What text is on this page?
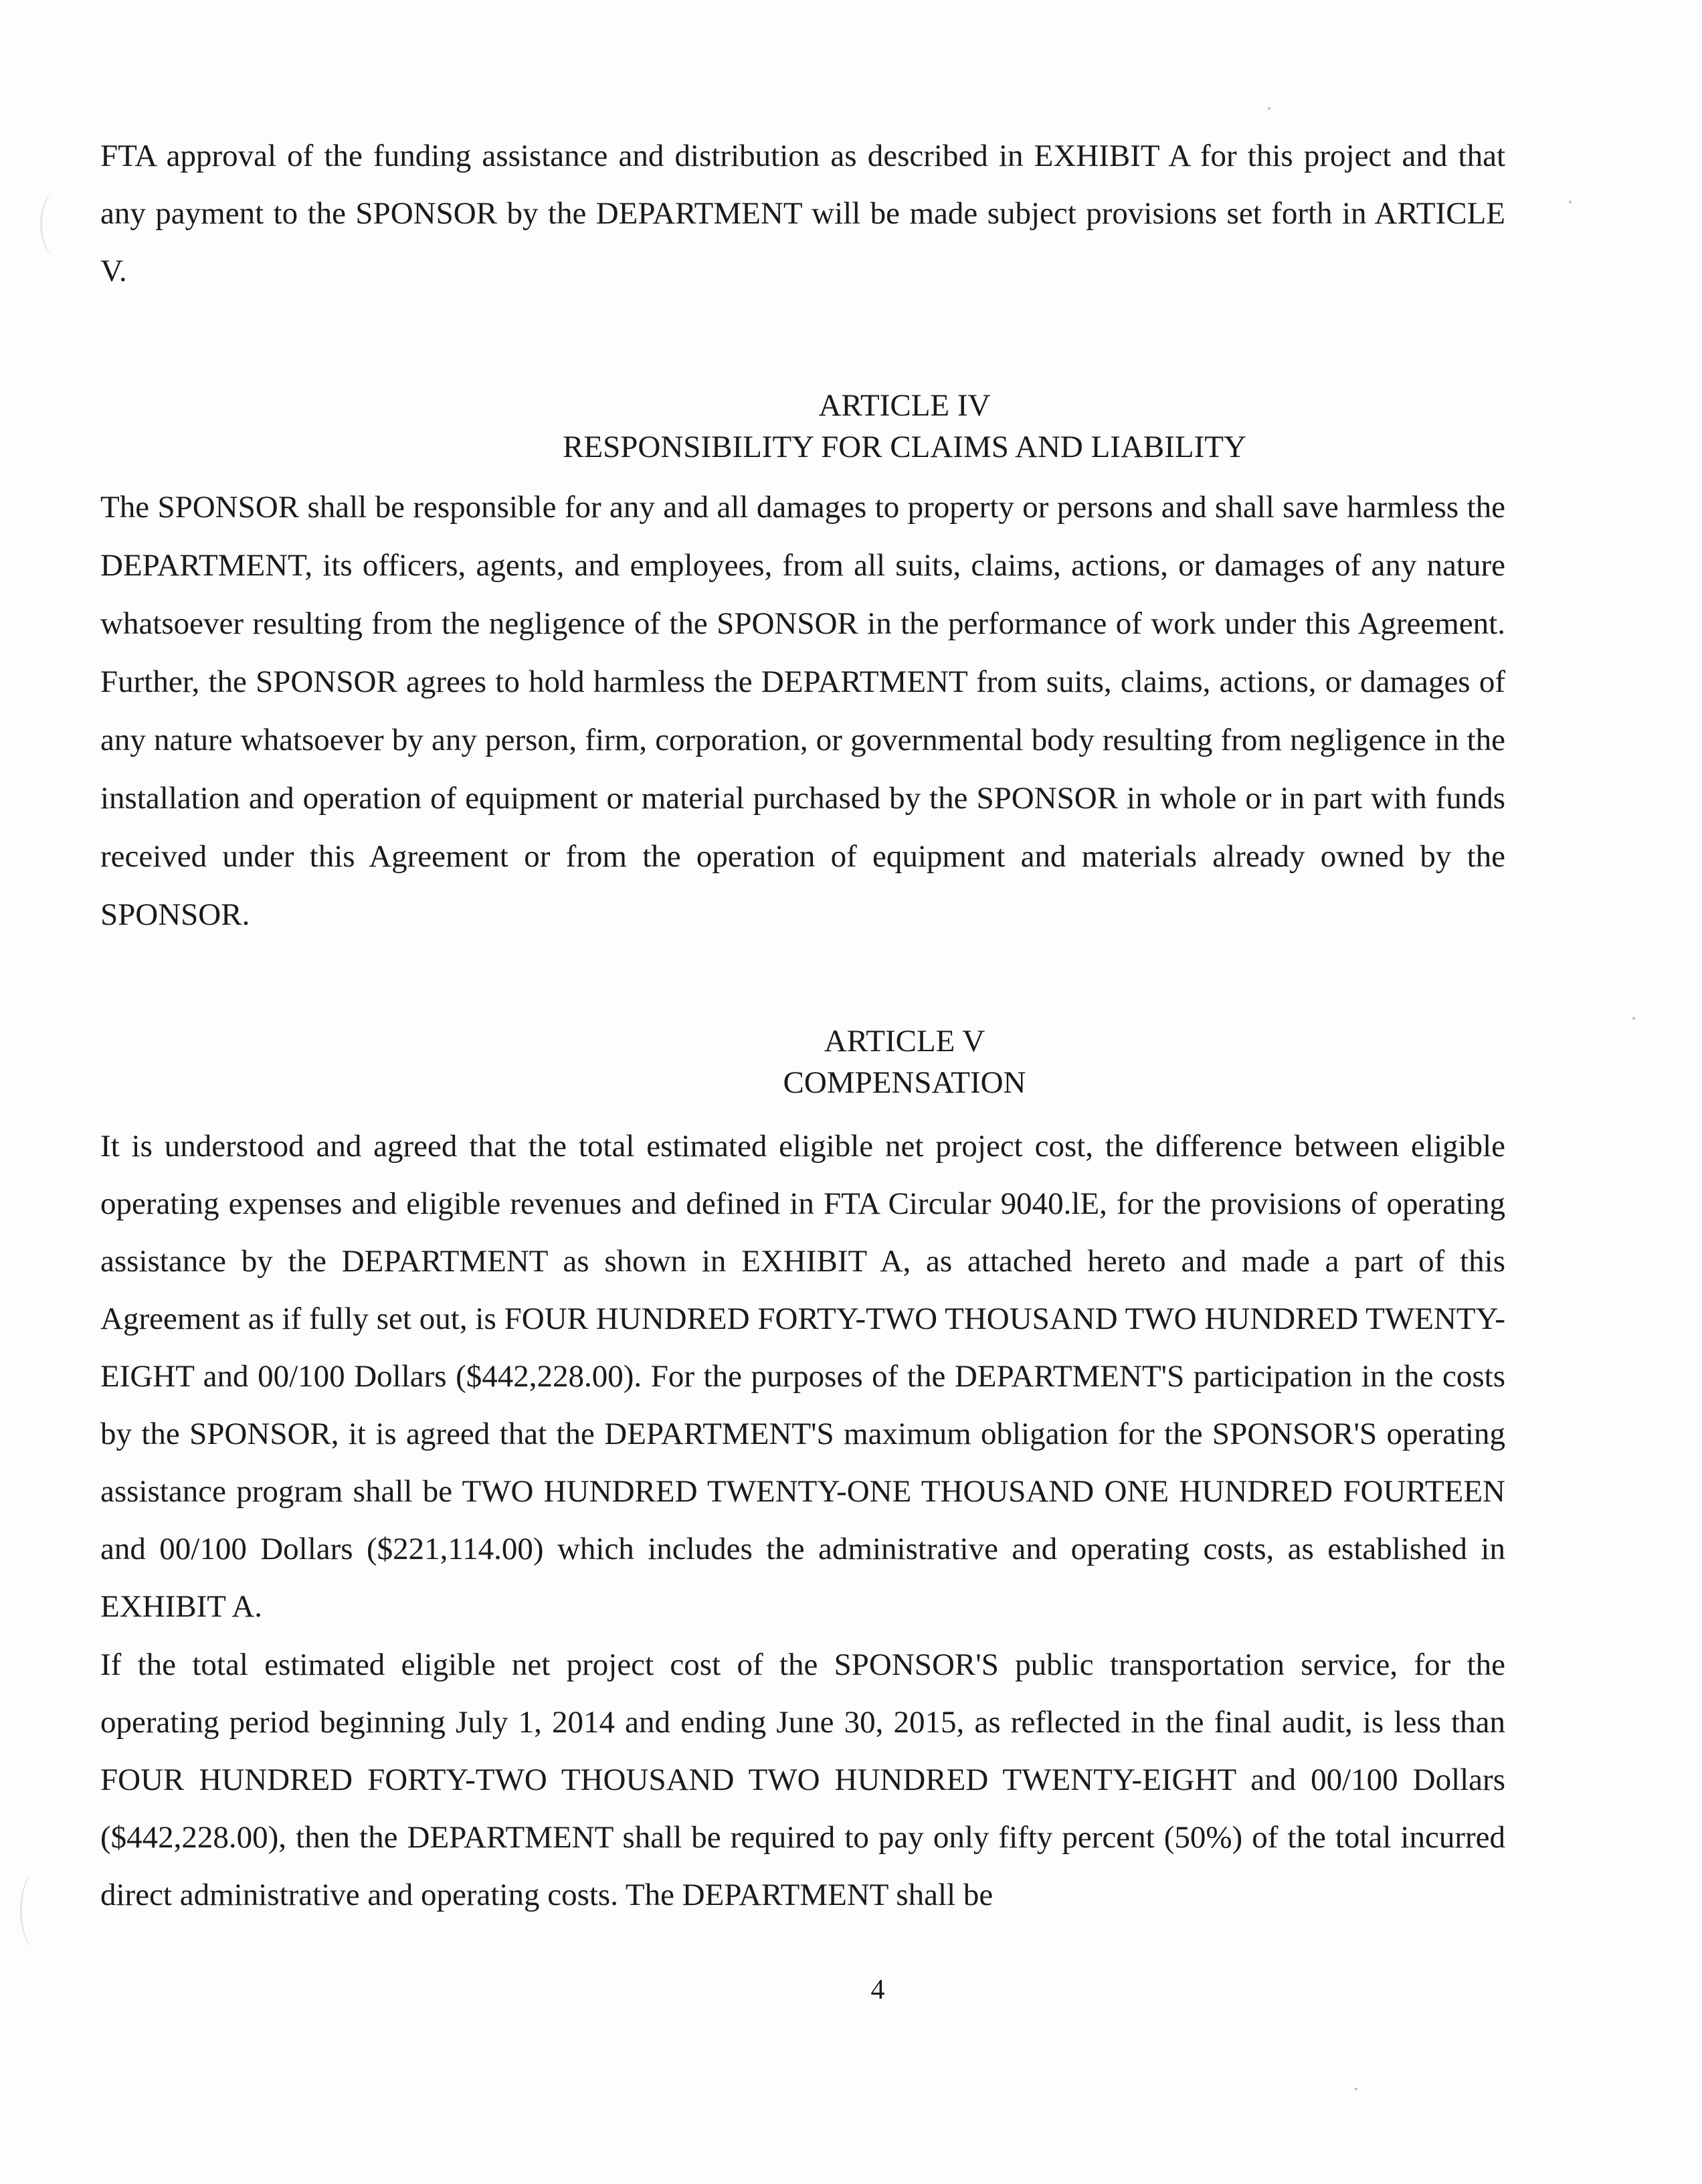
FTA approval of the funding assistance and distribution as described in EXHIBIT A for this project and that any payment to the SPONSOR by the DEPARTMENT will be made subject provisions set forth in ARTICLE V.

ARTICLE IV
RESPONSIBILITY FOR CLAIMS AND LIABILITY

The SPONSOR shall be responsible for any and all damages to property or persons and shall save harmless the DEPARTMENT, its officers, agents, and employees, from all suits, claims, actions, or damages of any nature whatsoever resulting from the negligence of the SPONSOR in the performance of work under this Agreement. Further, the SPONSOR agrees to hold harmless the DEPARTMENT from suits, claims, actions, or damages of any nature whatsoever by any person, firm, corporation, or governmental body resulting from negligence in the installation and operation of equipment or material purchased by the SPONSOR in whole or in part with funds received under this Agreement or from the operation of equipment and materials already owned by the SPONSOR.

ARTICLE V
COMPENSATION

It is understood and agreed that the total estimated eligible net project cost, the difference between eligible operating expenses and eligible revenues and defined in FTA Circular 9040.lE, for the provisions of operating assistance by the DEPARTMENT as shown in EXHIBIT A, as attached hereto and made a part of this Agreement as if fully set out, is FOUR HUNDRED FORTY-TWO THOUSAND TWO HUNDRED TWENTY-EIGHT and 00/100 Dollars ($442,228.00). For the purposes of the DEPARTMENT'S participation in the costs by the SPONSOR, it is agreed that the DEPARTMENT'S maximum obligation for the SPONSOR'S operating assistance program shall be TWO HUNDRED TWENTY-ONE THOUSAND ONE HUNDRED FOURTEEN and 00/100 Dollars ($221,114.00) which includes the administrative and operating costs, as established in EXHIBIT A.

If the total estimated eligible net project cost of the SPONSOR'S public transportation service, for the operating period beginning July 1, 2014 and ending June 30, 2015, as reflected in the final audit, is less than FOUR HUNDRED FORTY-TWO THOUSAND TWO HUNDRED TWENTY-EIGHT and 00/100 Dollars ($442,228.00), then the DEPARTMENT shall be required to pay only fifty percent (50%) of the total incurred direct administrative and operating costs. The DEPARTMENT shall be

4
